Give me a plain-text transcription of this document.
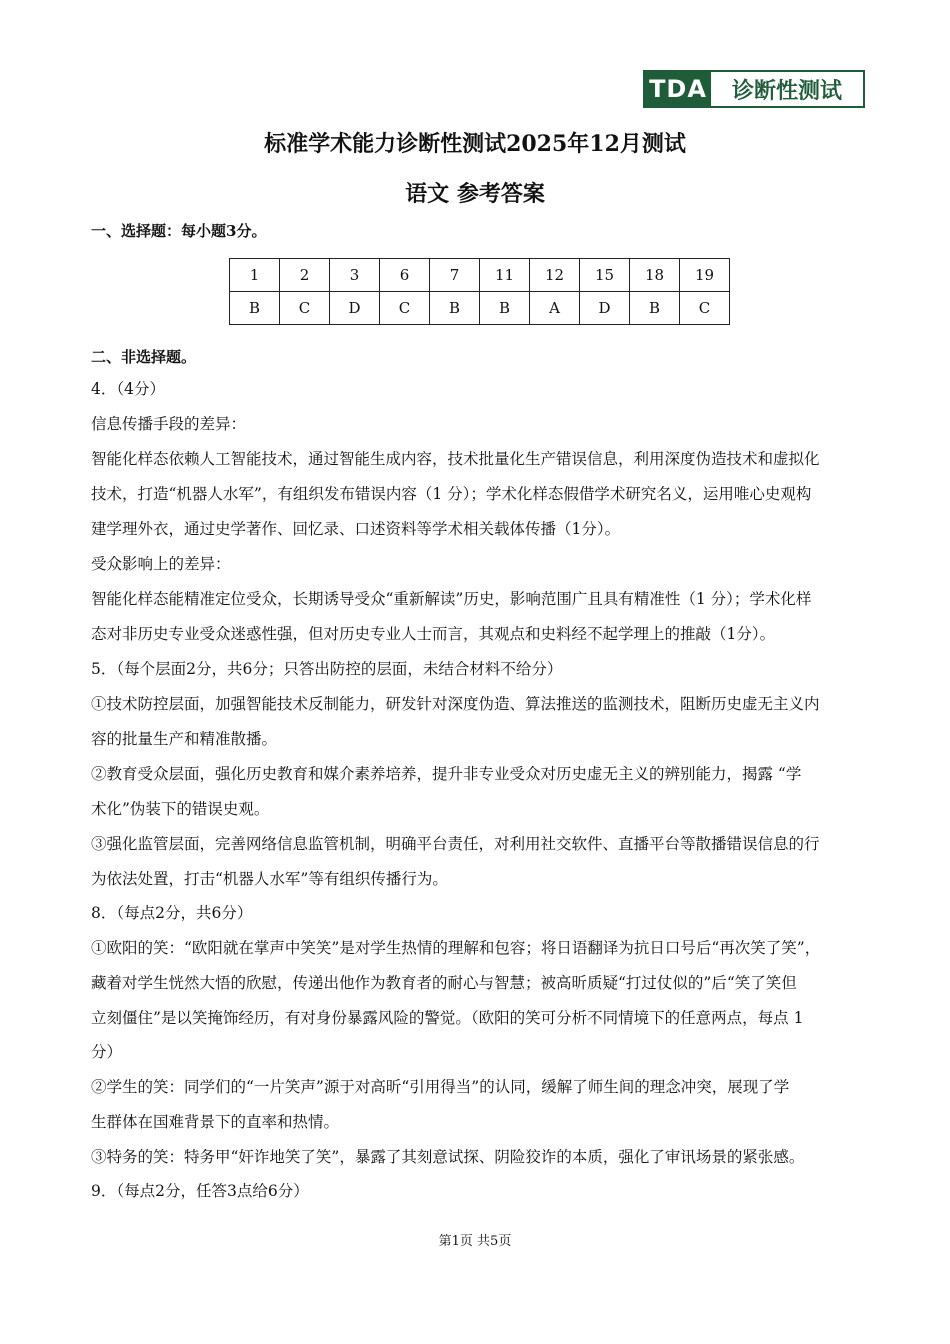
TDA	诊断性测试
标准学术能力诊断性测试2025年12月测试
语文 参考答案
一、选择题：每小题3分。
1	2	3	6	7	11	12	15	18	19
B	C	D	C	B	B	A	D	B	C
二、非选择题。
4．（4分）
信息传播手段的差异：
智能化样态依赖人工智能技术，通过智能生成内容，技术批量化生产错误信息，利用深度伪造技术和虚拟化
技术，打造“机器人水军”，有组织发布错误内容（1 分）；学术化样态假借学术研究名义，运用唯心史观构
建学理外衣，通过史学著作、回忆录、口述资料等学术相关载体传播（1分）。
受众影响上的差异：
智能化样态能精准定位受众，长期诱导受众“重新解读”历史，影响范围广且具有精准性（1 分）；学术化样
态对非历史专业受众迷惑性强，但对历史专业人士而言，其观点和史料经不起学理上的推敲（1分）。
5．（每个层面2分，共6分；只答出防控的层面，未结合材料不给分）
①技术防控层面，加强智能技术反制能力，研发针对深度伪造、算法推送的监测技术，阻断历史虚无主义内
容的批量生产和精准散播。
②教育受众层面，强化历史教育和媒介素养培养，提升非专业受众对历史虚无主义的辨别能力，揭露 “学
术化”伪装下的错误史观。
③强化监管层面，完善网络信息监管机制，明确平台责任，对利用社交软件、直播平台等散播错误信息的行
为依法处置，打击“机器人水军”等有组织传播行为。
8．（每点2分，共6分）
①欧阳的笑：“欧阳就在掌声中笑笑”是对学生热情的理解和包容；将日语翻译为抗日口号后“再次笑了笑”，
藏着对学生恍然大悟的欣慰，传递出他作为教育者的耐心与智慧；被高昕质疑“打过仗似的”后“笑了笑但
立刻僵住”是以笑掩饰经历，有对身份暴露风险的警觉。（欧阳的笑可分析不同情境下的任意两点，每点 1
分）
②学生的笑：同学们的“一片笑声”源于对高昕“引用得当”的认同，缓解了师生间的理念冲突，展现了学
生群体在国难背景下的直率和热情。
③特务的笑：特务甲“奸诈地笑了笑”，暴露了其刻意试探、阴险狡诈的本质，强化了审讯场景的紧张感。
9．（每点2分，任答3点给6分）
第1页 共5页
